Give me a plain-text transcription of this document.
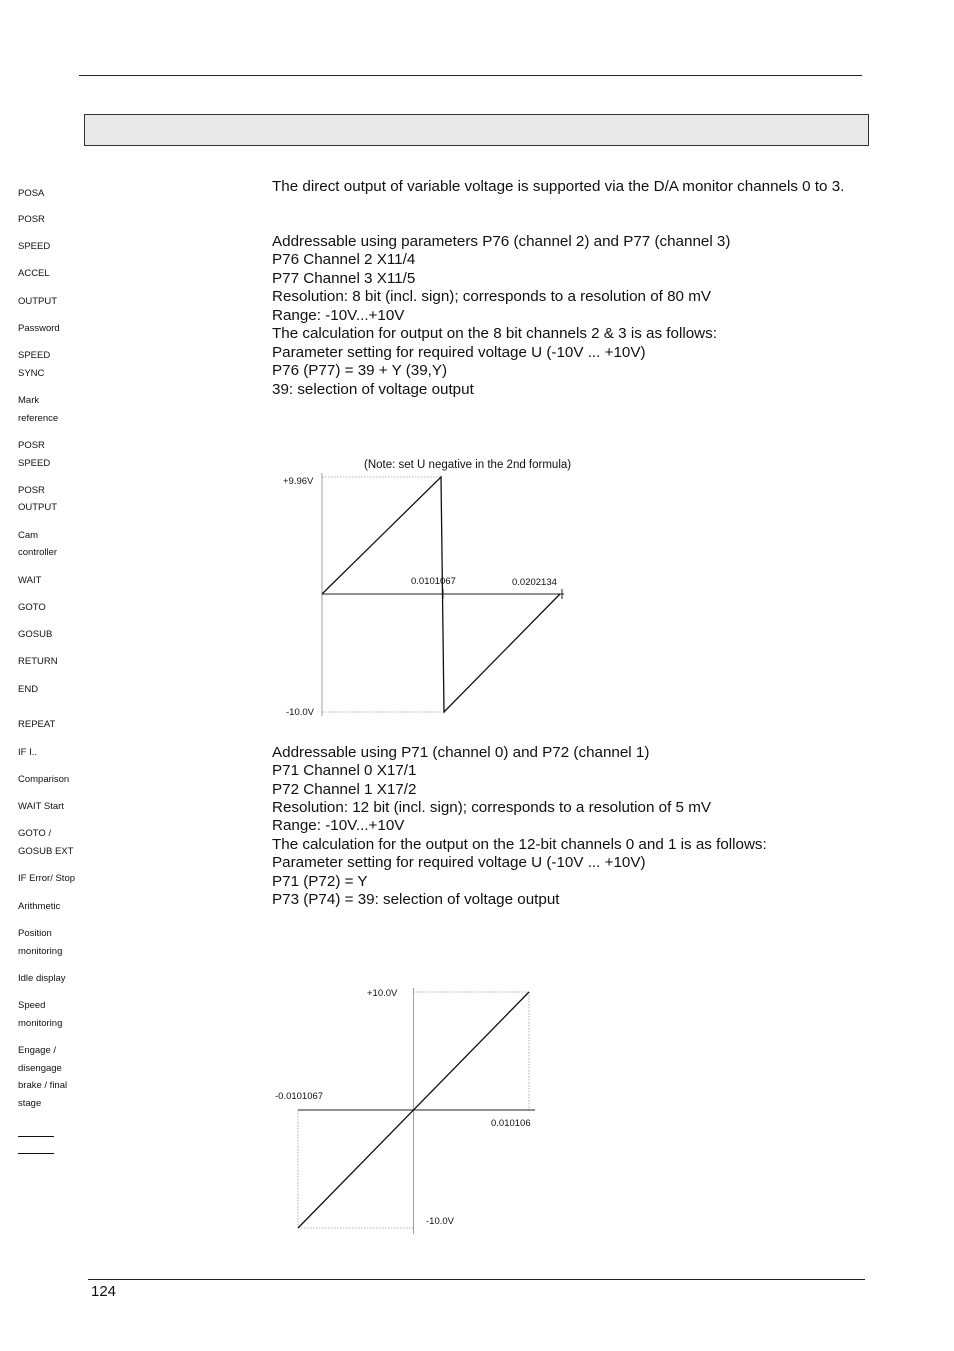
POSA
POSR
SPEED
ACCEL
OUTPUT
Password
SPEED
SYNC
Mark
reference
POSR
SPEED
POSR
OUTPUT
Cam
controller
WAIT
GOTO
GOSUB
RETURN
END
REPEAT
IF I..
Comparison
WAIT Start
GOTO /
GOSUB EXT
IF Error/ Stop
Arithmetic
Position
monitoring
Idle display
Speed
monitoring
Engage /
disengage
brake / final
stage
The direct output of variable voltage is supported via the D/A monitor channels 0 to 3.
Addressable using parameters P76 (channel 2) and P77 (channel 3)
P76 Channel 2 X11/4
P77 Channel 3 X11/5
Resolution: 8 bit (incl. sign); corresponds to a resolution of 80 mV
Range: -10V...+10V
The calculation for output on the 8 bit channels 2 & 3 is as follows:
Parameter setting for required voltage U (-10V ... +10V)
P76 (P77) = 39 + Y (39,Y)
39: selection of voltage output
(Note: set U negative in the 2nd formula)
+9.96V
-10.0V
0.0101067	0.0202134
Addressable using P71 (channel 0) and P72 (channel 1)
P71 Channel 0 X17/1
P72 Channel 1 X17/2
Resolution: 12 bit (incl. sign); corresponds to a resolution of 5 mV
Range: -10V...+10V
The calculation for the output on the 12-bit channels 0 and 1 is as follows:
Parameter setting for required voltage U (-10V ... +10V)
P71 (P72) = Y
P73 (P74) = 39: selection of voltage output
+10.0V
-10.0V
-0.0101067
0.010106
124
